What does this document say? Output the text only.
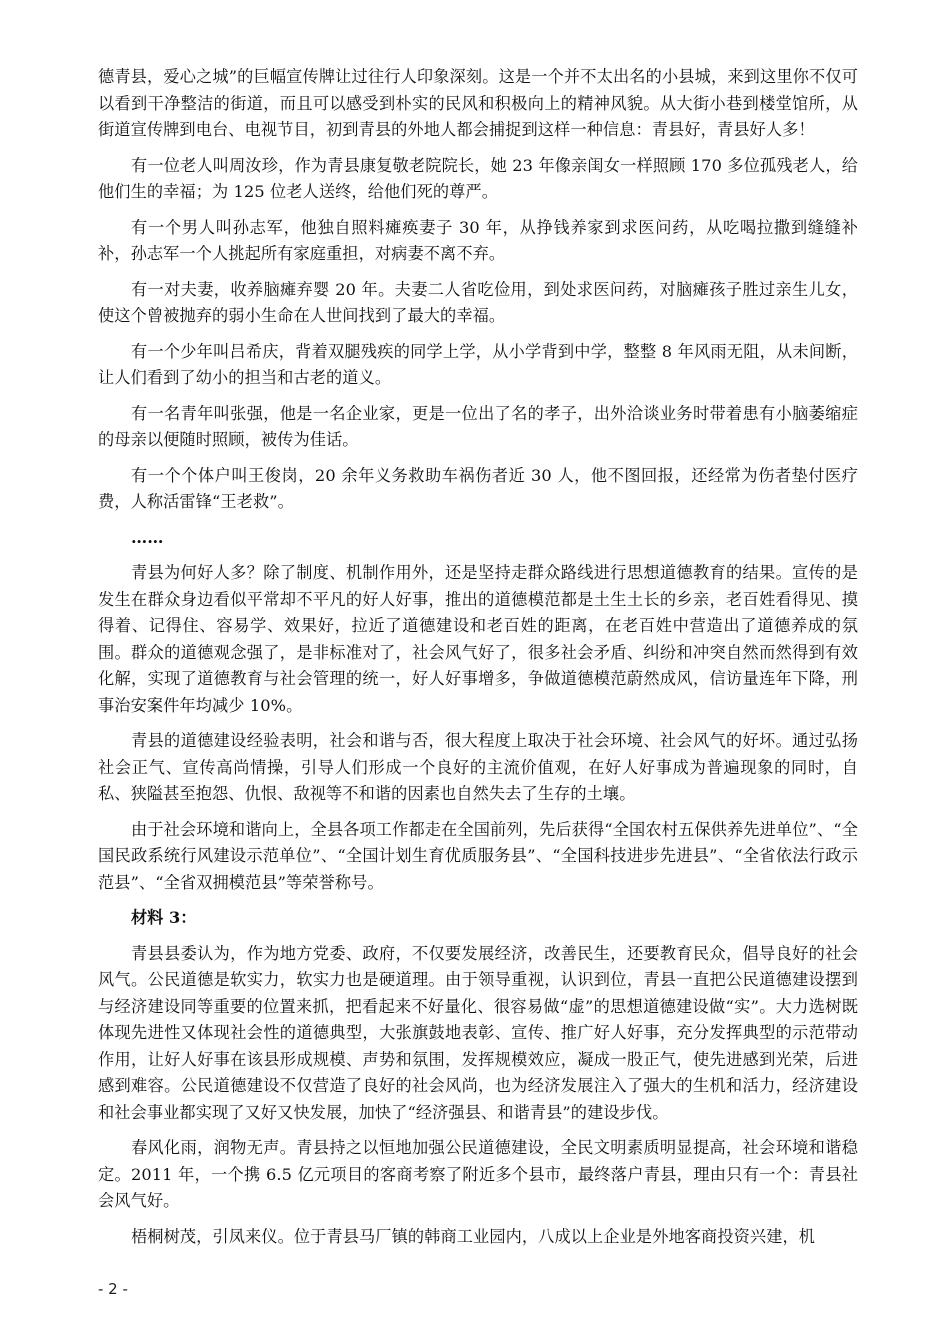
德青县，爱心之城”的巨幅宣传牌让过往行人印象深刻。这是一个并不太出名的小县城，来到这里你不仅可以看到干净整洁的街道，而且可以感受到朴实的民风和积极向上的精神风貌。从大街小巷到楼堂馆所，从街道宣传牌到电台、电视节目，初到青县的外地人都会捕捉到这样一种信息：青县好，青县好人多！

有一位老人叫周汝珍，作为青县康复敬老院院长，她 23 年像亲闺女一样照顾 170 多位孤残老人，给他们生的幸福；为 125 位老人送终，给他们死的尊严。

有一个男人叫孙志军，他独自照料瘫痪妻子 30 年，从挣钱养家到求医问药，从吃喝拉撒到缝缝补补，孙志军一个人挑起所有家庭重担，对病妻不离不弃。

有一对夫妻，收养脑瘫弃婴 20 年。夫妻二人省吃俭用，到处求医问药，对脑瘫孩子胜过亲生儿女，使这个曾被抛弃的弱小生命在人世间找到了最大的幸福。

有一个少年叫吕希庆，背着双腿残疾的同学上学，从小学背到中学，整整 8 年风雨无阻，从未间断，让人们看到了幼小的担当和古老的道义。

有一名青年叫张强，他是一名企业家，更是一位出了名的孝子，出外洽谈业务时带着患有小脑萎缩症的母亲以便随时照顾，被传为佳话。

有一个个体户叫王俊岗，20 余年义务救助车祸伤者近 30 人，他不图回报，还经常为伤者垫付医疗费，人称活雷锋“王老救”。

……

青县为何好人多？除了制度、机制作用外，还是坚持走群众路线进行思想道德教育的结果。宣传的是发生在群众身边看似平常却不平凡的好人好事，推出的道德模范都是土生土长的乡亲，老百姓看得见、摸得着、记得住、容易学、效果好，拉近了道德建设和老百姓的距离，在老百姓中营造出了道德养成的氛围。群众的道德观念强了，是非标准对了，社会风气好了，很多社会矛盾、纠纷和冲突自然而然得到有效化解，实现了道德教育与社会管理的统一，好人好事增多，争做道德模范蔚然成风，信访量连年下降，刑事治安案件年均减少 10%。

青县的道德建设经验表明，社会和谐与否，很大程度上取决于社会环境、社会风气的好坏。通过弘扬社会正气、宣传高尚情操，引导人们形成一个良好的主流价值观，在好人好事成为普遍现象的同时，自私、狭隘甚至抱怨、仇恨、敌视等不和谐的因素也自然失去了生存的土壤。

由于社会环境和谐向上，全县各项工作都走在全国前列，先后获得“全国农村五保供养先进单位”、“全国民政系统行风建设示范单位”、“全国计划生育优质服务县”、“全国科技进步先进县”、“全省依法行政示范县”、“全省双拥模范县”等荣誉称号。

材料 3：

青县县委认为，作为地方党委、政府，不仅要发展经济，改善民生，还要教育民众，倡导良好的社会风气。公民道德是软实力，软实力也是硬道理。由于领导重视，认识到位，青县一直把公民道德建设摆到与经济建设同等重要的位置来抓，把看起来不好量化、很容易做“虚”的思想道德建设做“实”。大力选树既体现先进性又体现社会性的道德典型，大张旗鼓地表彰、宣传、推广好人好事，充分发挥典型的示范带动作用，让好人好事在该县形成规模、声势和氛围，发挥规模效应，凝成一股正气，使先进感到光荣，后进感到难容。公民道德建设不仅营造了良好的社会风尚，也为经济发展注入了强大的生机和活力，经济建设和社会事业都实现了又好又快发展，加快了“经济强县、和谐青县”的建设步伐。

春风化雨，润物无声。青县持之以恒地加强公民道德建设，全民文明素质明显提高，社会环境和谐稳定。2011 年，一个携 6.5 亿元项目的客商考察了附近多个县市，最终落户青县，理由只有一个：青县社会风气好。

梧桐树茂，引凤来仪。位于青县马厂镇的韩商工业园内，八成以上企业是外地客商投资兴建，机

- 2 -
